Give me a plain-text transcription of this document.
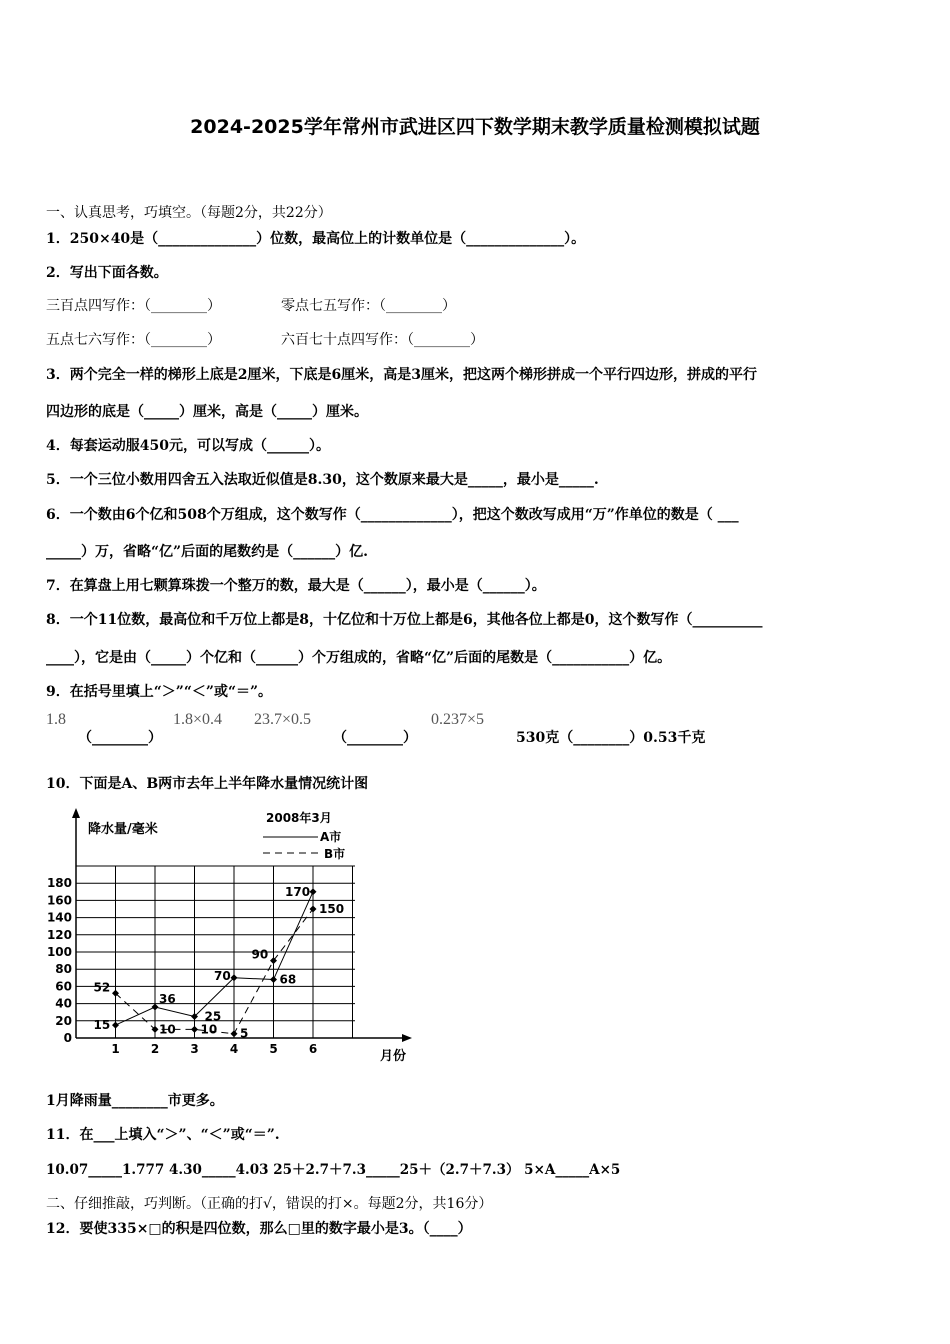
2024-2025学年常州市武进区四下数学期末教学质量检测模拟试题
一、认真思考，巧填空。（每题2分，共22分）
1．250×40是（______________）位数，最高位上的计数单位是（______________）。
2．写出下面各数。
三百点四写作：（________）	零点七五写作：（________）
五点七六写作：（________）	六百七十点四写作：（________）
3．两个完全一样的梯形上底是2厘米，下底是6厘米，高是3厘米，把这两个梯形拼成一个平行四边形，拼成的平行
四边形的底是（_____）厘米，高是（_____）厘米。
4．每套运动服450元，可以写成（______）。
5．一个三位小数用四舍五入法取近似值是8.30，这个数原来最大是_____，最小是_____.
6．一个数由6个亿和508个万组成，这个数写作（_____________），把这个数改写成用“万”作单位的数是（ ___
_____）万，省略“亿”后面的尾数约是（______）亿.
7．在算盘上用七颗算珠拨一个整万的数，最大是（______），最小是（______）。
8．一个11位数，最高位和千万位上都是8，十亿位和十万位上都是6，其他各位上都是0，这个数写作（__________
____），它是由（_____）个亿和（______）个万组成的，省略“亿”后面的尾数是（___________）亿。
9．在括号里填上“＞”“＜”或“＝”。
1.8
（________）
1.8×0.4 23.7×0.5
（________）
0.237×5
530克（________）0.53千克
10．下面是A、B两市去年上半年降水量情况统计图
降水量/毫米
月份
2008年3月
A市
B市
0
20
40
60
80
100
120
140
160
180
1	2	3	4	5	6
15
36
25
70	68
170
52
10 10 5
90
150
1月降雨量________市更多。
11．在___上填入“＞”、“＜”或“＝”.
10.07_____1.777 4.30_____4.03 25＋2.7＋7.3_____25＋（2.7＋7.3） 5×A_____A×5
二、仔细推敲，巧判断。（正确的打√，错误的打×。每题2分，共16分）
12．要使335×□的积是四位数，那么□里的数字最小是3。（____）
